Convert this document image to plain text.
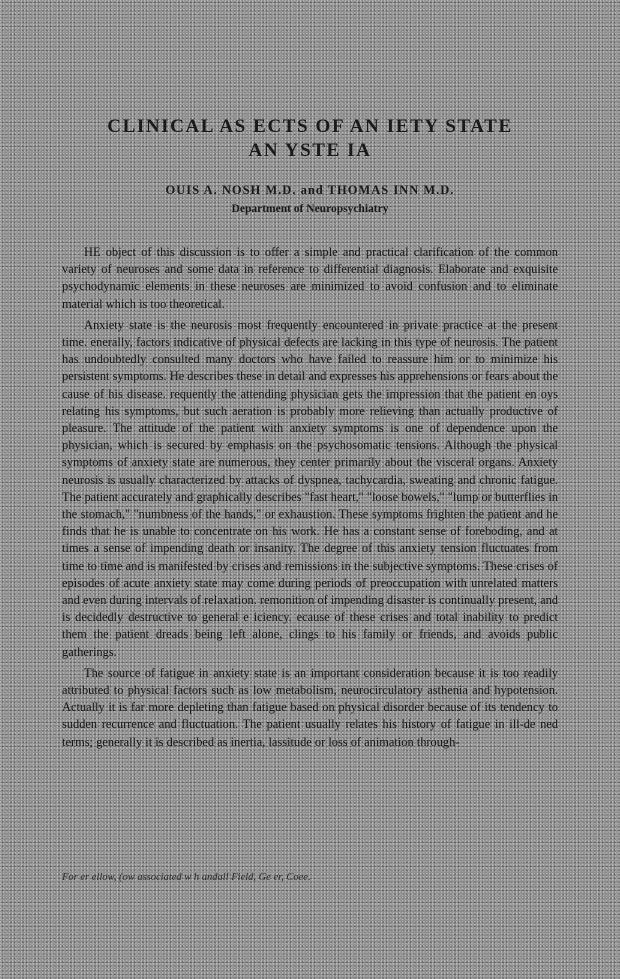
CLINICAL AS ECTS OF AN IETY STATE
AN YSTE IA
OUIS A. NOSH M.D. and THOMAS INN M.D.
Department of Neuropsychiatry

HE object of this discussion is to offer a simple and practical clarification of the common variety of neuroses and some data in reference to differential diagnosis. Elaborate and exquisite psychodynamic elements in these neuroses are minimized to avoid confusion and to eliminate material which is too theoretical.

Anxiety state is the neurosis most frequently encountered in private practice at the present time. enerally, factors indicative of physical defects are lacking in this type of neurosis. The patient has undoubtedly consulted many doctors who have failed to reassure him or to minimize his persistent symptoms. He describes these in detail and expresses his apprehensions or fears about the cause of his disease. requently the attending physician gets the impression that the patient en oys relating his symptoms, but such aeration is probably more relieving than actually productive of pleasure. The attitude of the patient with anxiety symptoms is one of dependence upon the physician, which is secured by emphasis on the psychosomatic tensions. Although the physical symptoms of anxiety state are numerous, they center primarily about the visceral organs. Anxiety neurosis is usually characterized by attacks of dyspnea, tachycardia, sweating and chronic fatigue. The patient accurately and graphically describes "fast heart," "loose bowels," "lump or butterflies in the stomach," "numbness of the hands," or exhaustion. These symptoms frighten the patient and he finds that he is unable to concentrate on his work. He has a constant sense of foreboding, and at times a sense of impending death or insanity. The degree of this anxiety tension fluctuates from time to time and is manifested by crises and remissions in the subjective symptoms. These crises of episodes of acute anxiety state may come during periods of preoccupation with unrelated matters and even during intervals of relaxation. remonition of impending disaster is continually present, and is decidedly destructive to general e iciency. ecause of these crises and total inability to predict them the patient dreads being left alone, clings to his family or friends, and avoids public gatherings.

The source of fatigue in anxiety state is an important consideration because it is too readily attributed to physical factors such as low metabolism, neurocirculatory asthenia and hypotension. Actually it is far more depleting than fatigue based on physical disorder because of its tendency to sudden recurrence and fluctuation. The patient usually relates his history of fatigue in ill-de ned terms; generally it is described as inertia, lassitude or loss of animation through-

For er ellow, (ow associated w h andall Field, Ge er, Coee.
